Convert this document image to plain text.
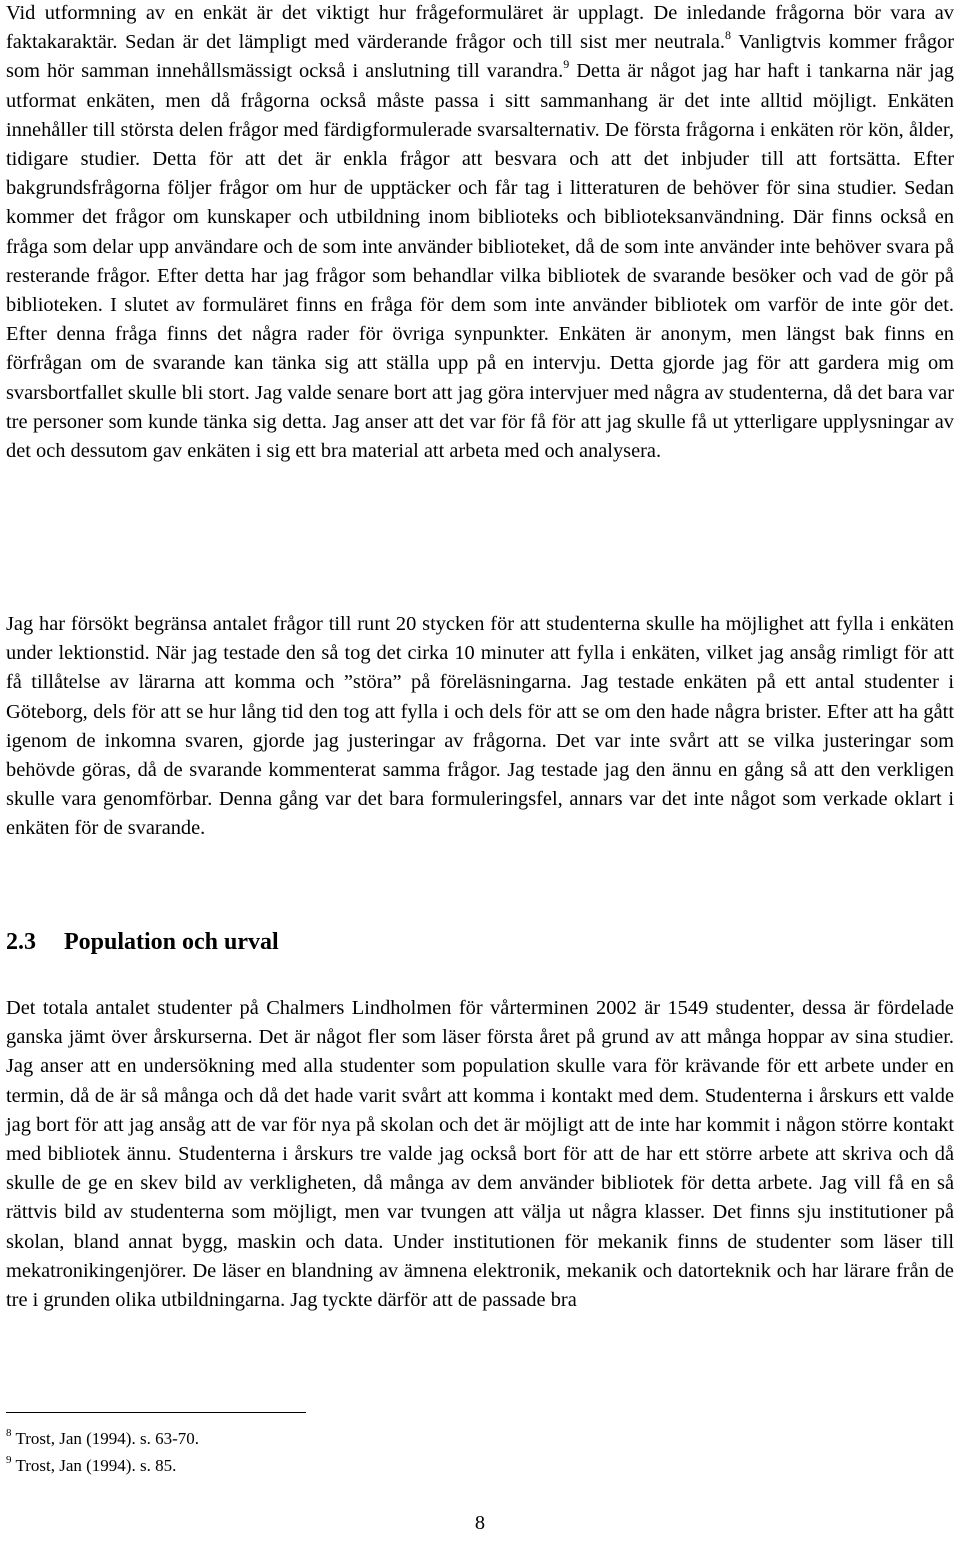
Vid utformning av en enkät är det viktigt hur frågeformuläret är upplagt. De inledande frågorna bör vara av faktakaraktär. Sedan är det lämpligt med värderande frågor och till sist mer neutrala.$^8$ Vanligtvis kommer frågor som hör samman innehållsmässigt också i anslutning till varandra.$^9$ Detta är något jag har haft i tankarna när jag utformat enkäten, men då frågorna också måste passa i sitt sammanhang är det inte alltid möjligt. Enkäten innehåller till största delen frågor med färdigformulerade svarsalternativ. De första frågorna i enkäten rör kön, ålder, tidigare studier. Detta för att det är enkla frågor att besvara och att det inbjuder till att fortsätta. Efter bakgrundsfrågorna följer frågor om hur de upptäcker och får tag i litteraturen de behöver för sina studier. Sedan kommer det frågor om kunskaper och utbildning inom biblioteks och biblioteksanvändning. Där finns också en fråga som delar upp användare och de som inte använder biblioteket, då de som inte använder inte behöver svara på resterande frågor. Efter detta har jag frågor som behandlar vilka bibliotek de svarande besöker och vad de gör på biblioteken. I slutet av formuläret finns en fråga för dem som inte använder bibliotek om varför de inte gör det. Efter denna fråga finns det några rader för övriga synpunkter. Enkäten är anonym, men längst bak finns en förfrågan om de svarande kan tänka sig att ställa upp på en intervju. Detta gjorde jag för att gardera mig om svarsbortfallet skulle bli stort. Jag valde senare bort att jag göra intervjuer med några av studenterna, då det bara var tre personer som kunde tänka sig detta. Jag anser att det var för få för att jag skulle få ut ytterligare upplysningar av det och dessutom gav enkäten i sig ett bra material att arbeta med och analysera.

Jag har försökt begränsa antalet frågor till runt 20 stycken för att studenterna skulle ha möjlighet att fylla i enkäten under lektionstid. När jag testade den så tog det cirka 10 minuter att fylla i enkäten, vilket jag ansåg rimligt för att få tillåtelse av lärarna att komma och ”störa” på föreläsningarna. Jag testade enkäten på ett antal studenter i Göteborg, dels för att se hur lång tid den tog att fylla i och dels för att se om den hade några brister. Efter att ha gått igenom de inkomna svaren, gjorde jag justeringar av frågorna. Det var inte svårt att se vilka justeringar som behövde göras, då de svarande kommenterat samma frågor. Jag testade jag den ännu en gång så att den verkligen skulle vara genomförbar. Denna gång var det bara formuleringsfel, annars var det inte något som verkade oklart i enkäten för de svarande.

2.3 Population och urval

Det totala antalet studenter på Chalmers Lindholmen för vårterminen 2002 är 1549 studenter, dessa är fördelade ganska jämt över årskurserna. Det är något fler som läser första året på grund av att många hoppar av sina studier. Jag anser att en undersökning med alla studenter som population skulle vara för krävande för ett arbete under en termin, då de är så många och då det hade varit svårt att komma i kontakt med dem. Studenterna i årskurs ett valde jag bort för att jag ansåg att de var för nya på skolan och det är möjligt att de inte har kommit i någon större kontakt med bibliotek ännu. Studenterna i årskurs tre valde jag också bort för att de har ett större arbete att skriva och då skulle de ge en skev bild av verkligheten, då många av dem använder bibliotek för detta arbete. Jag vill få en så rättvis bild av studenterna som möjligt, men var tvungen att välja ut några klasser. Det finns sju institutioner på skolan, bland annat bygg, maskin och data. Under institutionen för mekanik finns de studenter som läser till mekatronikingenjörer. De läser en blandning av ämnena elektronik, mekanik och datorteknik och har lärare från de tre i grunden olika utbildningarna. Jag tyckte därför att de passade bra

$^8$ Trost, Jan (1994). s. 63-70.

$^9$ Trost, Jan (1994). s. 85.

8
